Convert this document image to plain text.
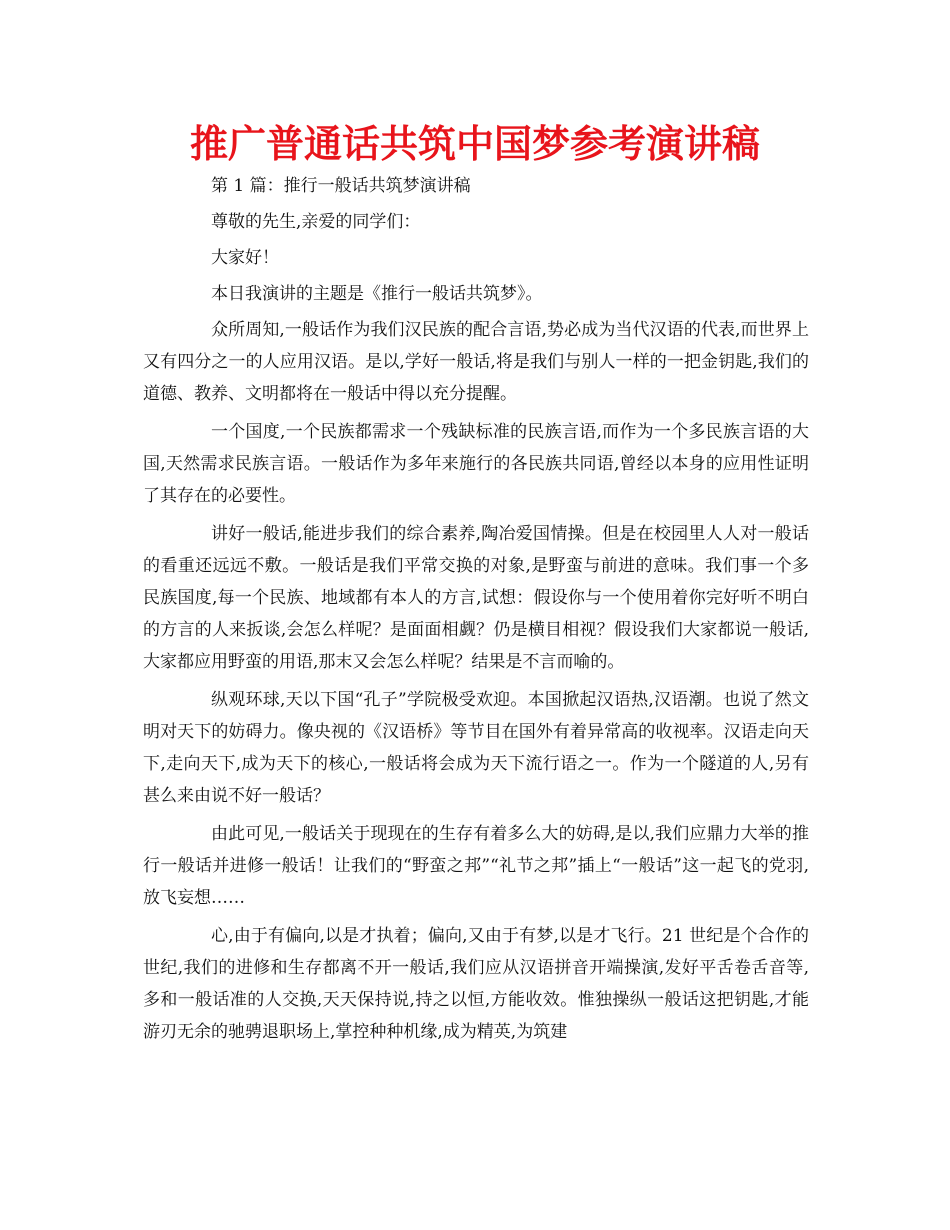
推广普通话共筑中国梦参考演讲稿

第 1 篇：推行一般话共筑梦演讲稿

尊敬的先生,亲爱的同学们：

大家好！

本日我演讲的主题是《推行一般话共筑梦》。

众所周知,一般话作为我们汉民族的配合言语,势必成为当代汉语的代表,而世界上又有四分之一的人应用汉语。是以,学好一般话,将是我们与别人一样的一把金钥匙,我们的道德、教养、文明都将在一般话中得以充分提醒。

一个国度,一个民族都需求一个残缺标准的民族言语,而作为一个多民族言语的大国,天然需求民族言语。一般话作为多年来施行的各民族共同语,曾经以本身的应用性证明了其存在的必要性。

讲好一般话,能进步我们的综合素养,陶冶爱国情操。但是在校园里人人对一般话的看重还远远不敷。一般话是我们平常交换的对象,是野蛮与前进的意味。我们事一个多民族国度,每一个民族、地域都有本人的方言,试想：假设你与一个使用着你完好听不明白的方言的人来扳谈,会怎么样呢？是面面相觑？仍是横目相视？假设我们大家都说一般话,大家都应用野蛮的用语,那末又会怎么样呢？结果是不言而喻的。

纵观环球,天以下国“孔子”学院极受欢迎。本国掀起汉语热,汉语潮。也说了然文明对天下的妨碍力。像央视的《汉语桥》等节目在国外有着异常高的收视率。汉语走向天下,走向天下,成为天下的核心,一般话将会成为天下流行语之一。作为一个隧道的人,另有甚么来由说不好一般话？

由此可见,一般话关于现现在的生存有着多么大的妨碍,是以,我们应鼎力大举的推行一般话并进修一般话！让我们的“野蛮之邦”“礼节之邦”插上“一般话”这一起飞的党羽,放飞妄想……

心,由于有偏向,以是才执着；偏向,又由于有梦,以是才飞行。21 世纪是个合作的世纪,我们的进修和生存都离不开一般话,我们应从汉语拼音开端操演,发好平舌卷舌音等,多和一般话准的人交换,天天保持说,持之以恒,方能收效。惟独操纵一般话这把钥匙,才能游刃无余的驰骋退职场上,掌控种种机缘,成为精英,为筑建
